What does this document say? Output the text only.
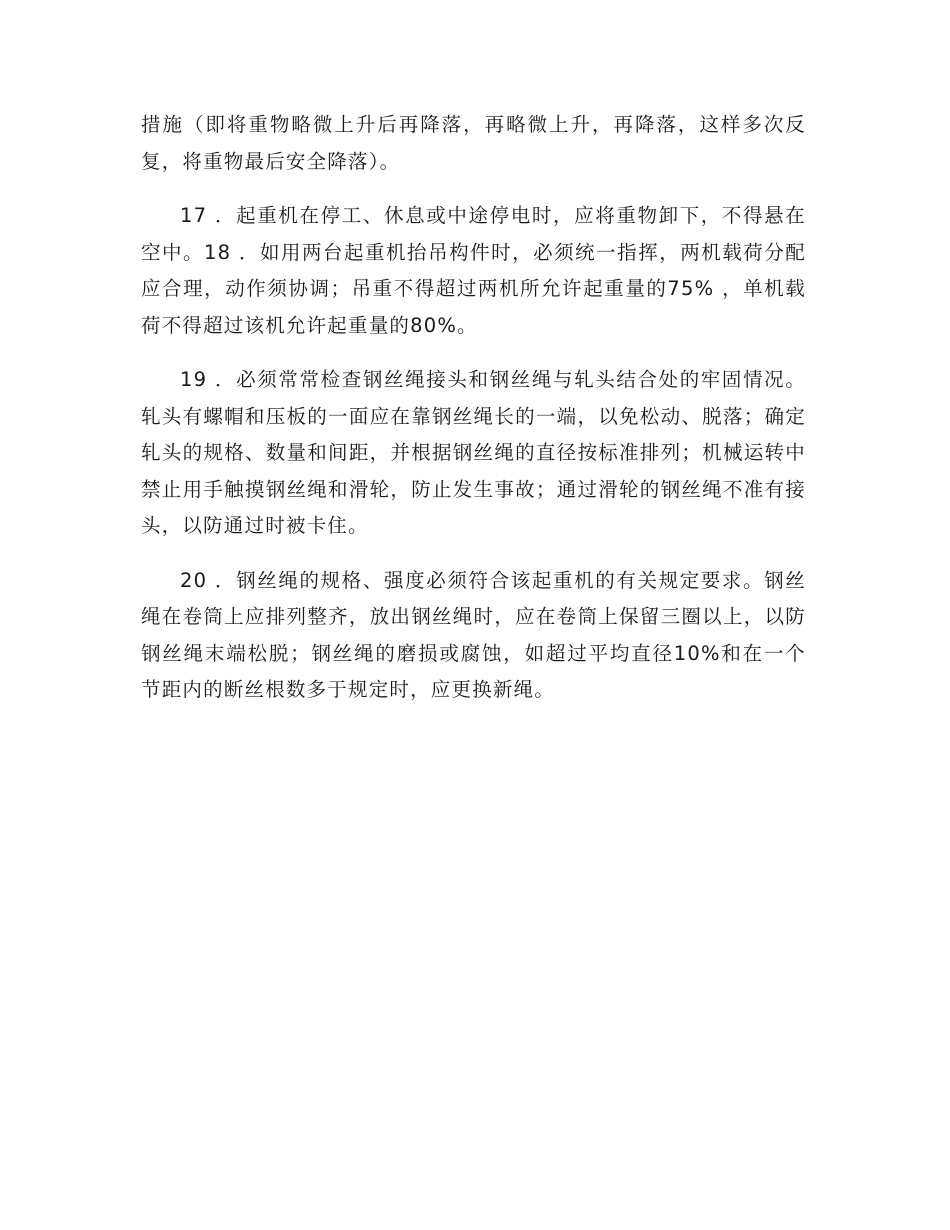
措施（即将重物略微上升后再降落，再略微上升，再降落，这样多次反复，将重物最后安全降落）。

17 ．起重机在停工、休息或中途停电时，应将重物卸下，不得悬在空中。18 ．如用两台起重机抬吊构件时，必须统一指挥，两机载荷分配应合理，动作须协调；吊重不得超过两机所允许起重量的75% ，单机载荷不得超过该机允许起重量的80%。

19 ．必须常常检查钢丝绳接头和钢丝绳与轧头结合处的牢固情况。轧头有螺帽和压板的一面应在靠钢丝绳长的一端，以免松动、脱落；确定轧头的规格、数量和间距，并根据钢丝绳的直径按标准排列；机械运转中禁止用手触摸钢丝绳和滑轮，防止发生事故；通过滑轮的钢丝绳不准有接头，以防通过时被卡住。

20 ．钢丝绳的规格、强度必须符合该起重机的有关规定要求。钢丝绳在卷筒上应排列整齐，放出钢丝绳时，应在卷筒上保留三圈以上，以防钢丝绳末端松脱；钢丝绳的磨损或腐蚀，如超过平均直径10%和在一个节距内的断丝根数多于规定时，应更换新绳。
